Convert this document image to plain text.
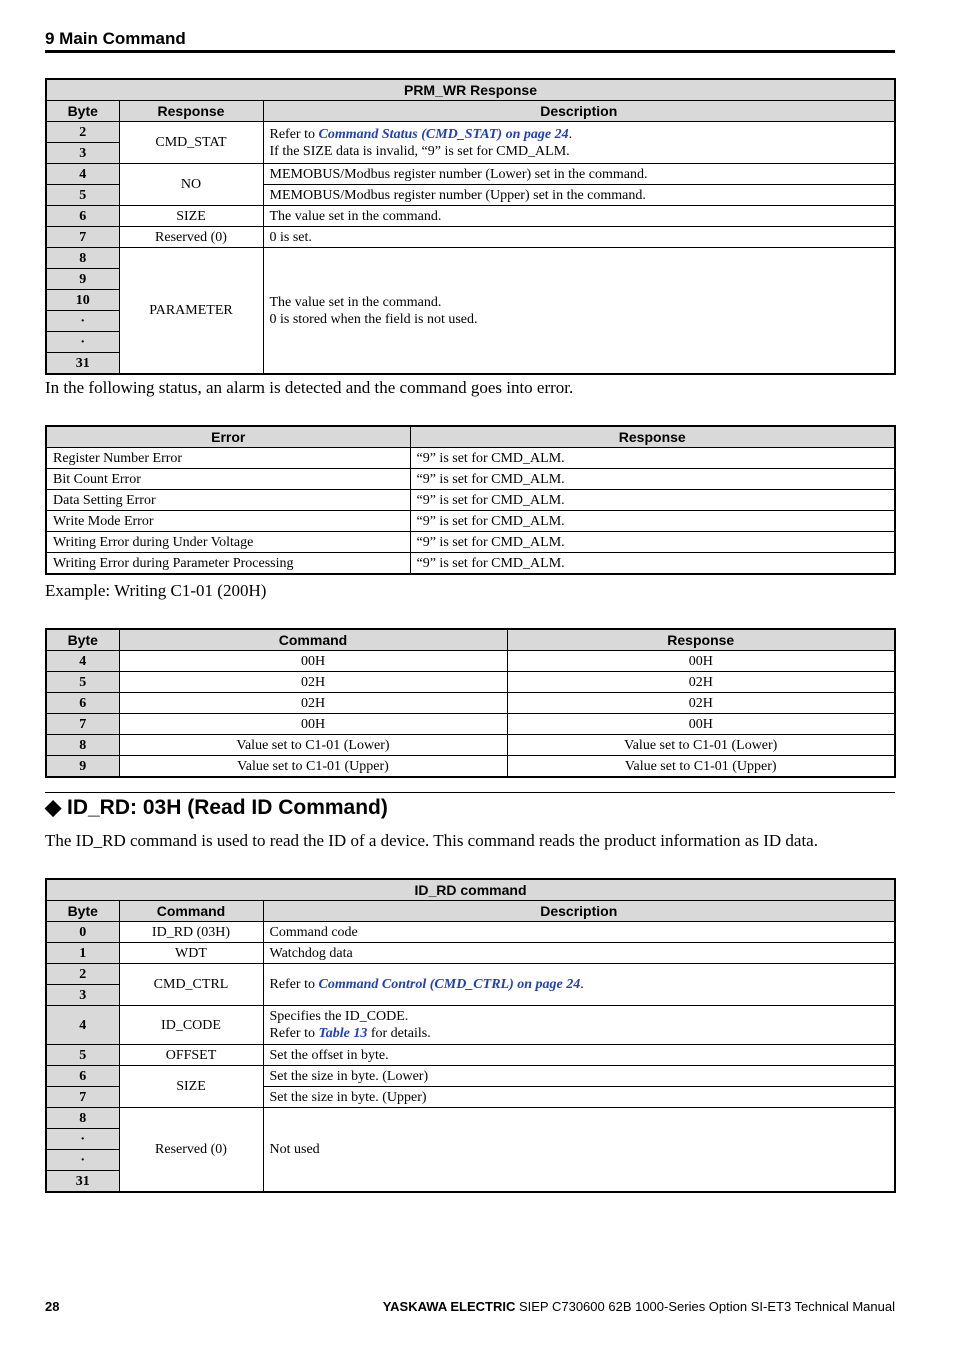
9 Main Command
PRM_WR Response		
Byte	Response	Description
2	CMD_STAT	Refer to Command Status (CMD_STAT) on page 24.
If the SIZE data is invalid, “9” is set for CMD_ALM.
3		
4	NO	MEMOBUS/Modbus register number (Lower) set in the command.
5		MEMOBUS/Modbus register number (Upper) set in the command.
6	SIZE	The value set in the command.
7	Reserved (0)	0 is set.
8	PARAMETER	The value set in the command.
0 is stored when the field is not used.
9		
10		
·		
·		
31		
In the following status, an alarm is detected and the command goes into error.
Error	Response
Register Number Error	“9” is set for CMD_ALM.
Bit Count Error	“9” is set for CMD_ALM.
Data Setting Error	“9” is set for CMD_ALM.
Write Mode Error	“9” is set for CMD_ALM.
Writing Error during Under Voltage	“9” is set for CMD_ALM.
Writing Error during Parameter Processing	“9” is set for CMD_ALM.
Example: Writing C1-01 (200H)
Byte	Command	Response
4	00H	00H
5	02H	02H
6	02H	02H
7	00H	00H
8	Value set to C1-01 (Lower)	Value set to C1-01 (Lower)
9	Value set to C1-01 (Upper)	Value set to C1-01 (Upper)
◆ ID_RD: 03H (Read ID Command)
The ID_RD command is used to read the ID of a device. This command reads the product information as ID data.
ID_RD command		
Byte	Command	Description
0	ID_RD (03H)	Command code
1	WDT	Watchdog data
2	CMD_CTRL	Refer to Command Control (CMD_CTRL) on page 24.
3		
4	ID_CODE	Specifies the ID_CODE.
Refer to Table 13 for details.
5	OFFSET	Set the offset in byte.
6	SIZE	Set the size in byte. (Lower)
7		Set the size in byte. (Upper)
8	Reserved (0)	Not used
·		
·		
31		
28	YASKAWA ELECTRIC SIEP C730600 62B 1000-Series Option SI-ET3 Technical Manual
